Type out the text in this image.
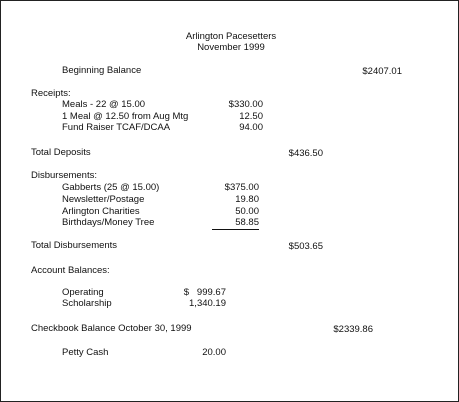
Arlington Pacesetters
November 1999
Beginning Balance	$2407.01
Receipts:
Meals - 22 @ 15.00	$330.00
1 Meal @ 12.50 from Aug Mtg	12.50
Fund Raiser TCAF/DCAA	94.00
Total Deposits	$436.50
Disbursements:
Gabberts (25 @ 15.00)	$375.00
Newsletter/Postage	19.80
Arlington Charities	50.00
Birthdays/Money Tree	58.85
Total Disbursements	$503.65
Account Balances:
Operating	$   999.67
Scholarship	1,340.19
Checkbook Balance October 30, 1999	$2339.86
Petty Cash	20.00
